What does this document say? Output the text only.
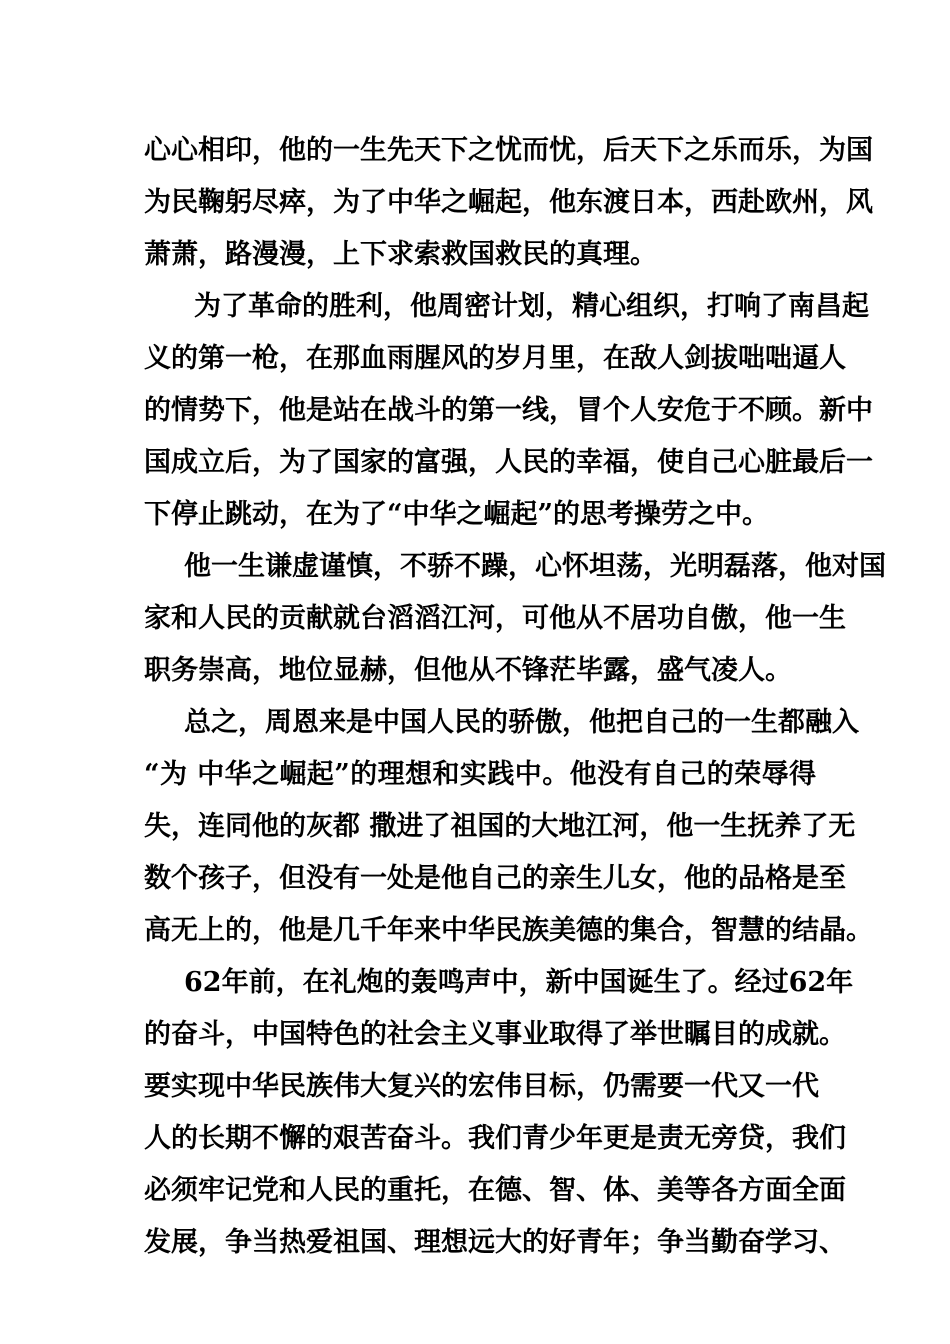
心心相印，他的一生先天下之忧而忧，后天下之乐而乐，为国
为民鞠躬尽瘁，为了中华之崛起，他东渡日本，西赴欧州，风
萧萧，路漫漫，上下求索救国救民的真理。
为了革命的胜利，他周密计划，精心组织，打响了南昌起
义的第一枪，在那血雨腥风的岁月里，在敌人剑拔咄咄逼人
的情势下，他是站在战斗的第一线，冒个人安危于不顾。新中
国成立后，为了国家的富强，人民的幸福，使自己心脏最后一
下停止跳动，在为了“中华之崛起”的思考操劳之中。
他一生谦虚谨慎，不骄不躁，心怀坦荡，光明磊落，他对国
家和人民的贡献就台滔滔江河，可他从不居功自傲，他一生
职务崇高，地位显赫，但他从不锋茫毕露，盛气凌人。
总之，周恩来是中国人民的骄傲，他把自己的一生都融入
“为 中华之崛起”的理想和实践中。他没有自己的荣辱得
失，连同他的灰都 撒进了祖国的大地江河，他一生抚养了无
数个孩子，但没有一处是他自己的亲生儿女，他的品格是至
高无上的，他是几千年来中华民族美德的集合，智慧的结晶。
62年前，在礼炮的轰鸣声中，新中国诞生了。经过62年
的奋斗，中国特色的社会主义事业取得了举世瞩目的成就。
要实现中华民族伟大复兴的宏伟目标，仍需要一代又一代
人的长期不懈的艰苦奋斗。我们青少年更是责无旁贷，我们
必须牢记党和人民的重托，在德、智、体、美等各方面全面
发展，争当热爱祖国、理想远大的好青年；争当勤奋学习、
